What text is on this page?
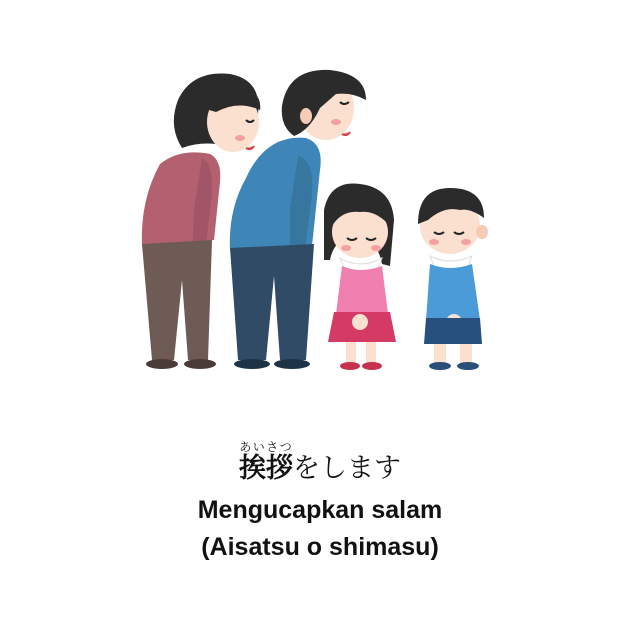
挨拶あいさつをします
Mengucapkan salam
(Aisatsu o shimasu)
